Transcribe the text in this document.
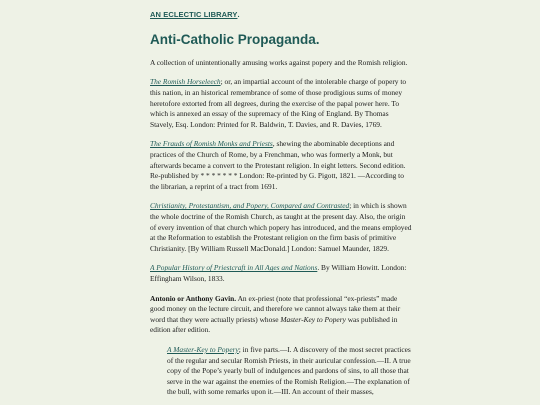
AN ECLECTIC LIBRARY.
Anti-Catholic Propaganda.

A collection of unintentionally amusing works against popery and the Romish religion.

The Romish Horseleech; or, an impartial account of the intolerable charge of popery to this nation, in an historical remembrance of some of those prodigious sums of money heretofore extorted from all degrees, during the exercise of the papal power here. To which is annexed an essay of the supremacy of the King of England. By Thomas Stavely, Esq. London: Printed for R. Baldwin, T. Davies, and R. Davies, 1769.

The Frauds of Romish Monks and Priests, shewing the abominable deceptions and practices of the Church of Rome, by a Frenchman, who was formerly a Monk, but afterwards became a convert to the Protestant religion. In eight letters. Second edition. Re-published by * * * * * * * London: Re-printed by G. Pigott, 1821. —According to the librarian, a reprint of a tract from 1691.

Christianity, Protestantism, and Popery, Compared and Contrasted; in which is shown the whole doctrine of the Romish Church, as taught at the present day. Also, the origin of every invention of that church which popery has introduced, and the means employed at the Reformation to establish the Protestant religion on the firm basis of primitive Christianity. [By William Russell MacDonald.] London: Samuel Maunder, 1829.

A Popular History of Priestcraft in All Ages and Nations. By William Howitt. London: Effingham Wilson, 1833.

Antonio or Anthony Gavin. An ex-priest (note that professional “ex-priests” made good money on the lecture circuit, and therefore we cannot always take them at their word that they were actually priests) whose Master-Key to Popery was published in edition after edition.

A Master-Key to Popery; in five parts.—I. A discovery of the most secret practices of the regular and secular Romish Priests, in their auricular confession.—II. A true copy of the Pope’s yearly bull of indulgences and pardons of sins, to all those that serve in the war against the enemies of the Romish Religion.—The explanation of the bull, with some remarks upon it.—III. An account of their masses,
